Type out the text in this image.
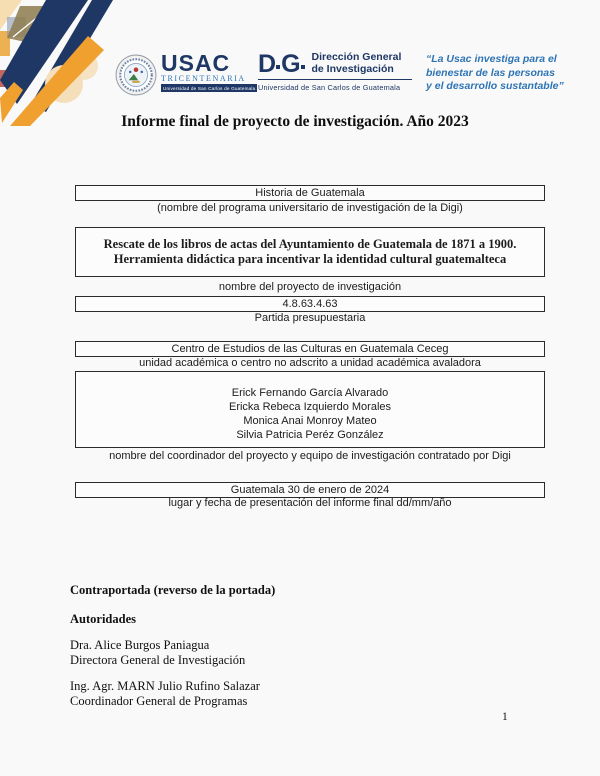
USAC
TRICENTENARIA
Universidad de San Carlos de Guatemala
D G Dirección General
de Investigación
Universidad de San Carlos de Guatemala
“La Usac investiga para el
bienestar de las personas
y el desarrollo sustantable”
Informe final de proyecto de investigación. Año 2023
Historia de Guatemala
(nombre del programa universitario de investigación de la Digi)
Rescate de los libros de actas del Ayuntamiento de Guatemala de 1871 a 1900.
Herramienta didáctica para incentivar la identidad cultural guatemalteca
nombre del proyecto de investigación
4.8.63.4.63
Partida presupuestaria
Centro de Estudios de las Culturas en Guatemala Ceceg
unidad académica o centro no adscrito a unidad académica avaladora
Erick Fernando García Alvarado
Ericka Rebeca Izquierdo Morales
Monica Anai Monroy Mateo
Silvia Patricia Peréz González
nombre del coordinador del proyecto y equipo de investigación contratado por Digi
Guatemala 30 de enero de 2024
lugar y fecha de presentación del informe final dd/mm/año
Contraportada (reverso de la portada)
Autoridades
Dra. Alice Burgos Paniagua
Directora General de Investigación
Ing. Agr. MARN Julio Rufino Salazar
Coordinador General de Programas
1
